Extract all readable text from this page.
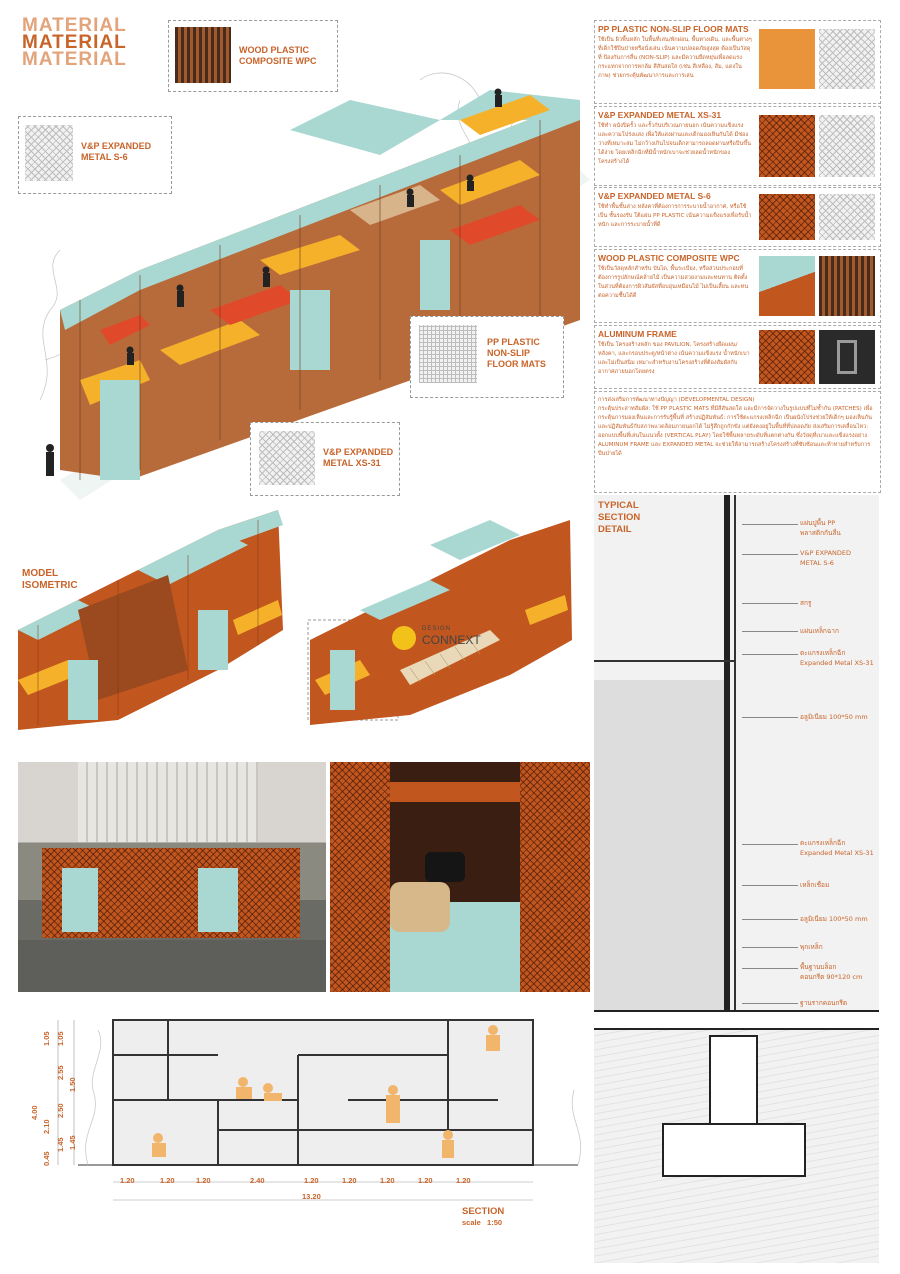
MATERIAL
MATERIAL
MATERIAL	WOOD PLASTIC
COMPOSITE WPC
V&P EXPANDED
METAL S-6
PP PLASTIC
NON-SLIP
FLOOR MATS
V&P EXPANDED
METAL XS-31
PP PLASTIC NON-SLIP FLOOR MATS
ใช้เป็น ผิวพื้นหลัก ในพื้นที่เล่น/พักผ่อน, พื้นทางเดิน, และพื้นต่างๆ ที่เด็กใช้ปีนป่ายหรือนั่งเล่น เน้นความปลอดภัยสูงสุด ต้องเป็นวัสดุที่ ป้องกันการลื่น (NON-SLIP) และมีความยืดหยุ่นเพื่อลดแรงกระแทกจากการหกล้ม สีสันสดใส (เช่น สีเหลือง, ส้ม, แดงในภาพ) ช่วยกระตุ้นพัฒนาการและการเล่น
V&P EXPANDED METAL XS-31
ใช้ทำ ผนังปิดรั้ว และรั้วกันบริเวณภายนอก เน้นความแข็งแรงและความโปร่งแสง เพื่อให้แสงผ่านและเด็กมองเห็นกันได้ มีช่องว่างที่เหมาะสม ไม่กว้างเกินไปจนเด็กสามารถลอดผ่านหรือปีนขึ้นได้ง่าย โดยเหล็กฉีกที่มีน้ำหนักเบาจะช่วยลดน้ำหนักของโครงสร้างได้
V&P EXPANDED METAL S-6
ใช้ทำพื้นชั้นล่าง หลังคาที่ต้องการการระบายน้ำอากาศ, หรือใช้เป็น ชั้นรองรับ ใต้แผ่น PP PLASTIC เน้นความแข็งแรงเพื่อรับน้ำหนัก และการระบายน้ำที่ดี
WOOD PLASTIC COMPOSITE WPC
ใช้เป็นวัสดุหลักสำหรับ บันได, พื้นระเบียง, หรือส่วนประกอบที่ต้องการรูปลักษณ์คล้ายไม้ เป็นความสวยงามและทนทาน ติดตั้งในส่วนที่ต้องการผิวสัมผัสที่อบอุ่นเหมือนไม้ ไม่เป็นเสี้ยน และทนต่อความชื้นได้ดี
ALUMINUM FRAME
ใช้เป็น โครงสร้างหลัก ของ PAVILION, โครงสร้างยึดแผ่น/หลังคา, และกรอบประตู/หน้าต่าง เน้นความแข็งแรง น้ำหนักเบา และไม่เป็นสนิม เหมาะสำหรับงานโครงสร้างที่ต้องสัมผัสกับอากาศภายนอกโดยตรง
การส่งเสริมการพัฒนาทางปัญญา (DEVELOPMENTAL DESIGN)
กระตุ้นประสาทสัมผัส: ใช้ PP PLASTIC MATS ที่มีสีสันสดใส และมีการจัดวางในรูปแบบที่ไม่ซ้ำกัน (PATCHES) เพื่อกระตุ้นการมองเห็นและการรับรู้พื้นที่ สร้างปฏิสัมพันธ์: การใช้ตะแกรงเหล็กฉีก เป็นผนังโปร่งช่วยให้เด็กๆ มองเห็นกันและปฏิสัมพันธ์กับสภาพแวดล้อมภายนอกได้ ไม่รู้สึกถูกกักขัง แต่ยังคงอยู่ในพื้นที่ที่ปลอดภัย ส่งเสริมการเคลื่อนไหว: ออกแบบพื้นที่เล่นในแนวตั้ง (VERTICAL PLAY) โดยใช้พื้นหลายระดับที่แตกต่างกัน ซึ่งวัสดุที่เบาและแข็งแรงอย่าง ALUMINUM FRAME และ EXPANDED METAL จะช่วยให้สามารถสร้างโครงสร้างที่ซับซ้อนและท้าทายสำหรับการปีนป่ายได้
MODEL
ISOMETRIC
DESIGN
CONNEXT
TYPICAL
SECTION
DETAIL
แผ่นปูพื้น PP
พลาสติกกันลื่น
V&P EXPANDED
METAL S-6
สกรู
แผ่นเหล็กฉาก
ตะแกรงเหล็กฉีก
Expanded Metal XS-31
อลูมิเนียม 100*50 mm
ตะแกรงเหล็กฉีก
Expanded Metal XS-31
เหล็กเชื่อม
อลูมิเนียม 100*50 mm
พุกเหล็ก
พื้นฐานบล็อก
คอนกรีต 90*120 cm
ฐานรากคอนกรีต
1.20	1.20	1.20	2.40	1.20	1.20	1.20	1.20	1.20
13.20
1.05 1.05
2.55
1.50
4.00 2.50
1.45
2.10
1.45
0.45
SECTION
scale   1:50
